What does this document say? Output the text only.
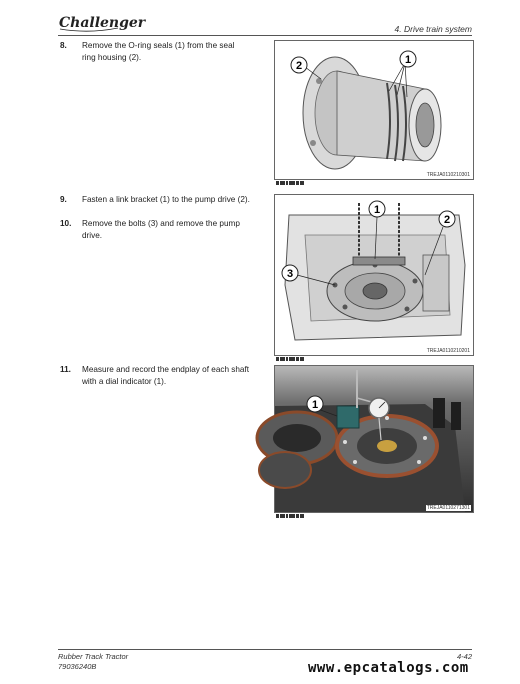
Challenger	4. Drive train system
8. Remove the O-ring seals (1) from the seal ring housing (2).	1
2
TREJA0110210301
9. Fasten a link bracket (1) to the pump drive (2).
10. Remove the bolts (3) and remove the pump drive.
1
2
3
TREJA0110210201
11. Measure and record the endplay of each shaft with a dial indicator (1).
1
TREJA0110271301
Rubber Track Tractor
79036240B
4-42
www.epcatalogs.com
